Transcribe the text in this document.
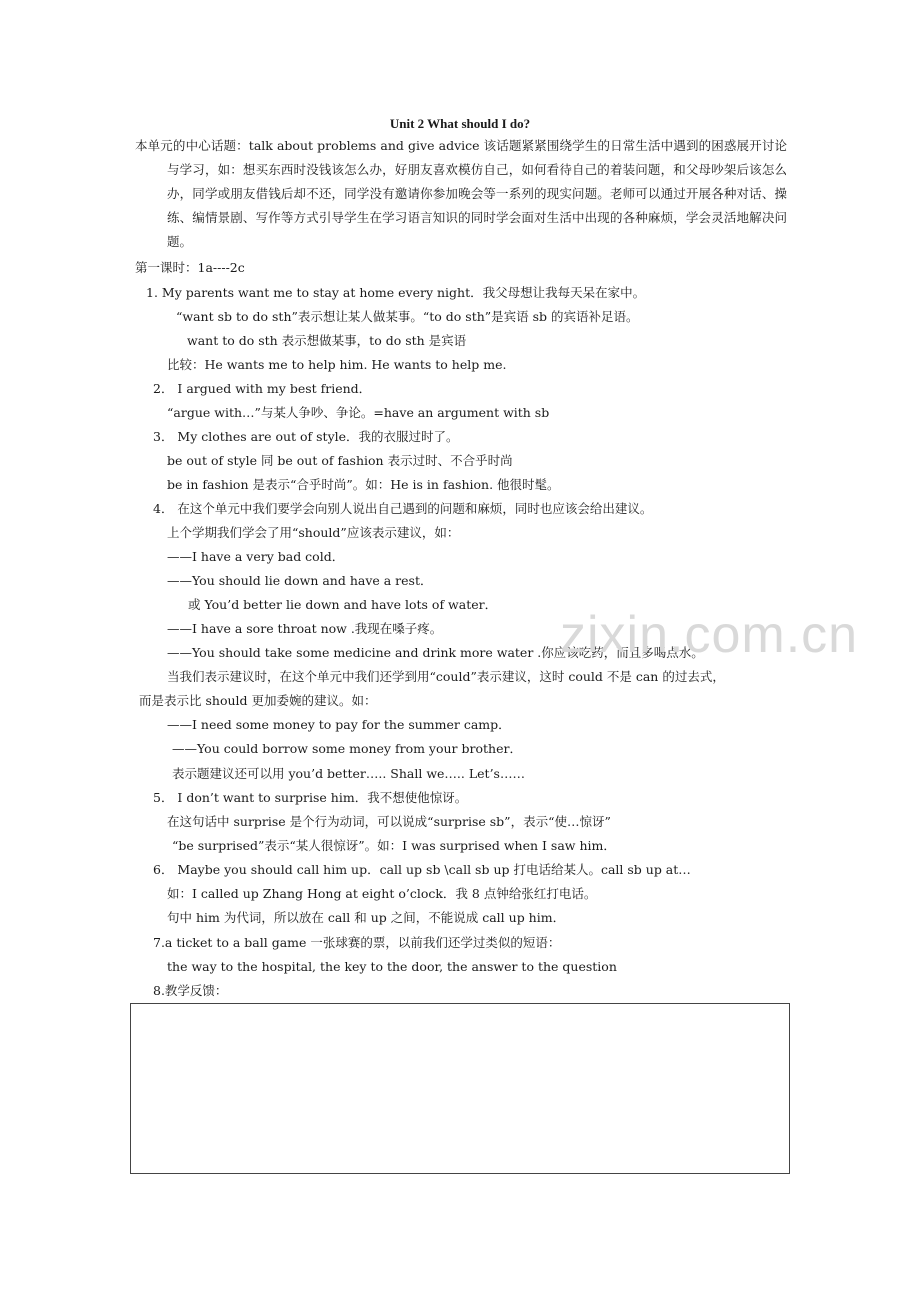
Unit 2 What should I do?

本单元的中心话题：talk about problems and give advice 该话题紧紧围绕学生的日常生活中遇到的困惑展开讨论与学习，如：想买东西时没钱该怎么办，好朋友喜欢模仿自己，如何看待自己的着装问题，和父母吵架后该怎么办，同学或朋友借钱后却不还，同学没有邀请你参加晚会等一系列的现实问题。老师可以通过开展各种对话、操练、编情景剧、写作等方式引导学生在学习语言知识的同时学会面对生活中出现的各种麻烦，学会灵活地解决问题。

第一课时：1a----2c
1. My parents want me to stay at home every night．我父母想让我每天呆在家中。
“want sb to do sth”表示想让某人做某事。“to do sth”是宾语 sb 的宾语补足语。
want to do sth 表示想做某事，to do sth 是宾语
比较：He wants me to help him. He wants to help me.
2． I argued with my best friend．
“argue with…”与某人争吵、争论。=have an argument with sb
3． My clothes are out of style．我的衣服过时了。
be out of style 同 be out of fashion 表示过时、不合乎时尚
be in fashion 是表示“合乎时尚”。如：He is in fashion. 他很时髦。
4． 在这个单元中我们要学会向别人说出自己遇到的问题和麻烦，同时也应该会给出建议。
上个学期我们学会了用“should”应该表示建议，如：
——I have a very bad cold．
——You should lie down and have a rest．
或 You’d better lie down and have lots of water．
——I have a sore throat now .我现在嗓子疼。
——You should take some medicine and drink more water .你应该吃药，而且多喝点水。
当我们表示建议时，在这个单元中我们还学到用“could”表示建议，这时 could 不是 can 的过去式，
而是表示比 should 更加委婉的建议。如：
——I need some money to pay for the summer camp．
——You could borrow some money from your brother．
表示题建议还可以用 you’d better….. Shall we….. Let’s……
5． I don’t want to surprise him．我不想使他惊讶。
在这句话中 surprise 是个行为动词，可以说成“surprise sb”，表示“使…惊讶”
“be surprised”表示“某人很惊讶”。如：I was surprised when I saw him．
6． Maybe you should call him up．call up sb \call sb up 打电话给某人。call sb up at…
如：I called up Zhang Hong at eight o’clock．我 8 点钟给张红打电话。
句中 him 为代词，所以放在 call 和 up 之间，不能说成 call up him．
7.a ticket to a ball game 一张球赛的票，以前我们还学过类似的短语：
the way to the hospital, the key to the door, the answer to the question
8.教学反馈：
zixin.com.cn
